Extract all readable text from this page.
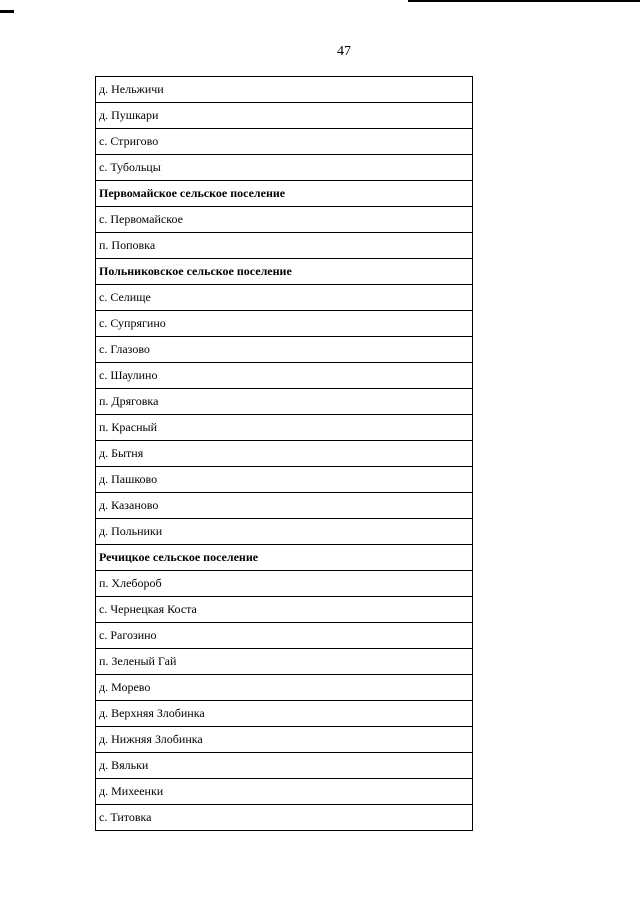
47
д. Нельжичи
д. Пушкари
с. Стригово
с. Тубольцы
Первомайское сельское поселение
с. Первомайское
п. Поповка
Польниковское сельское поселение
с. Селище
с. Супрягино
с. Глазово
с. Шаулино
п. Дряговка
п. Красный
д. Бытня
д. Пашково
д. Казаново
д. Польники
Речицкое сельское поселение
п. Хлебороб
с. Чернецкая Коста
с. Рагозино
п. Зеленый Гай
д. Морево
д. Верхняя Злобинка
д. Нижняя Злобинка
д. Вяльки
д. Михеенки
с. Титовка
